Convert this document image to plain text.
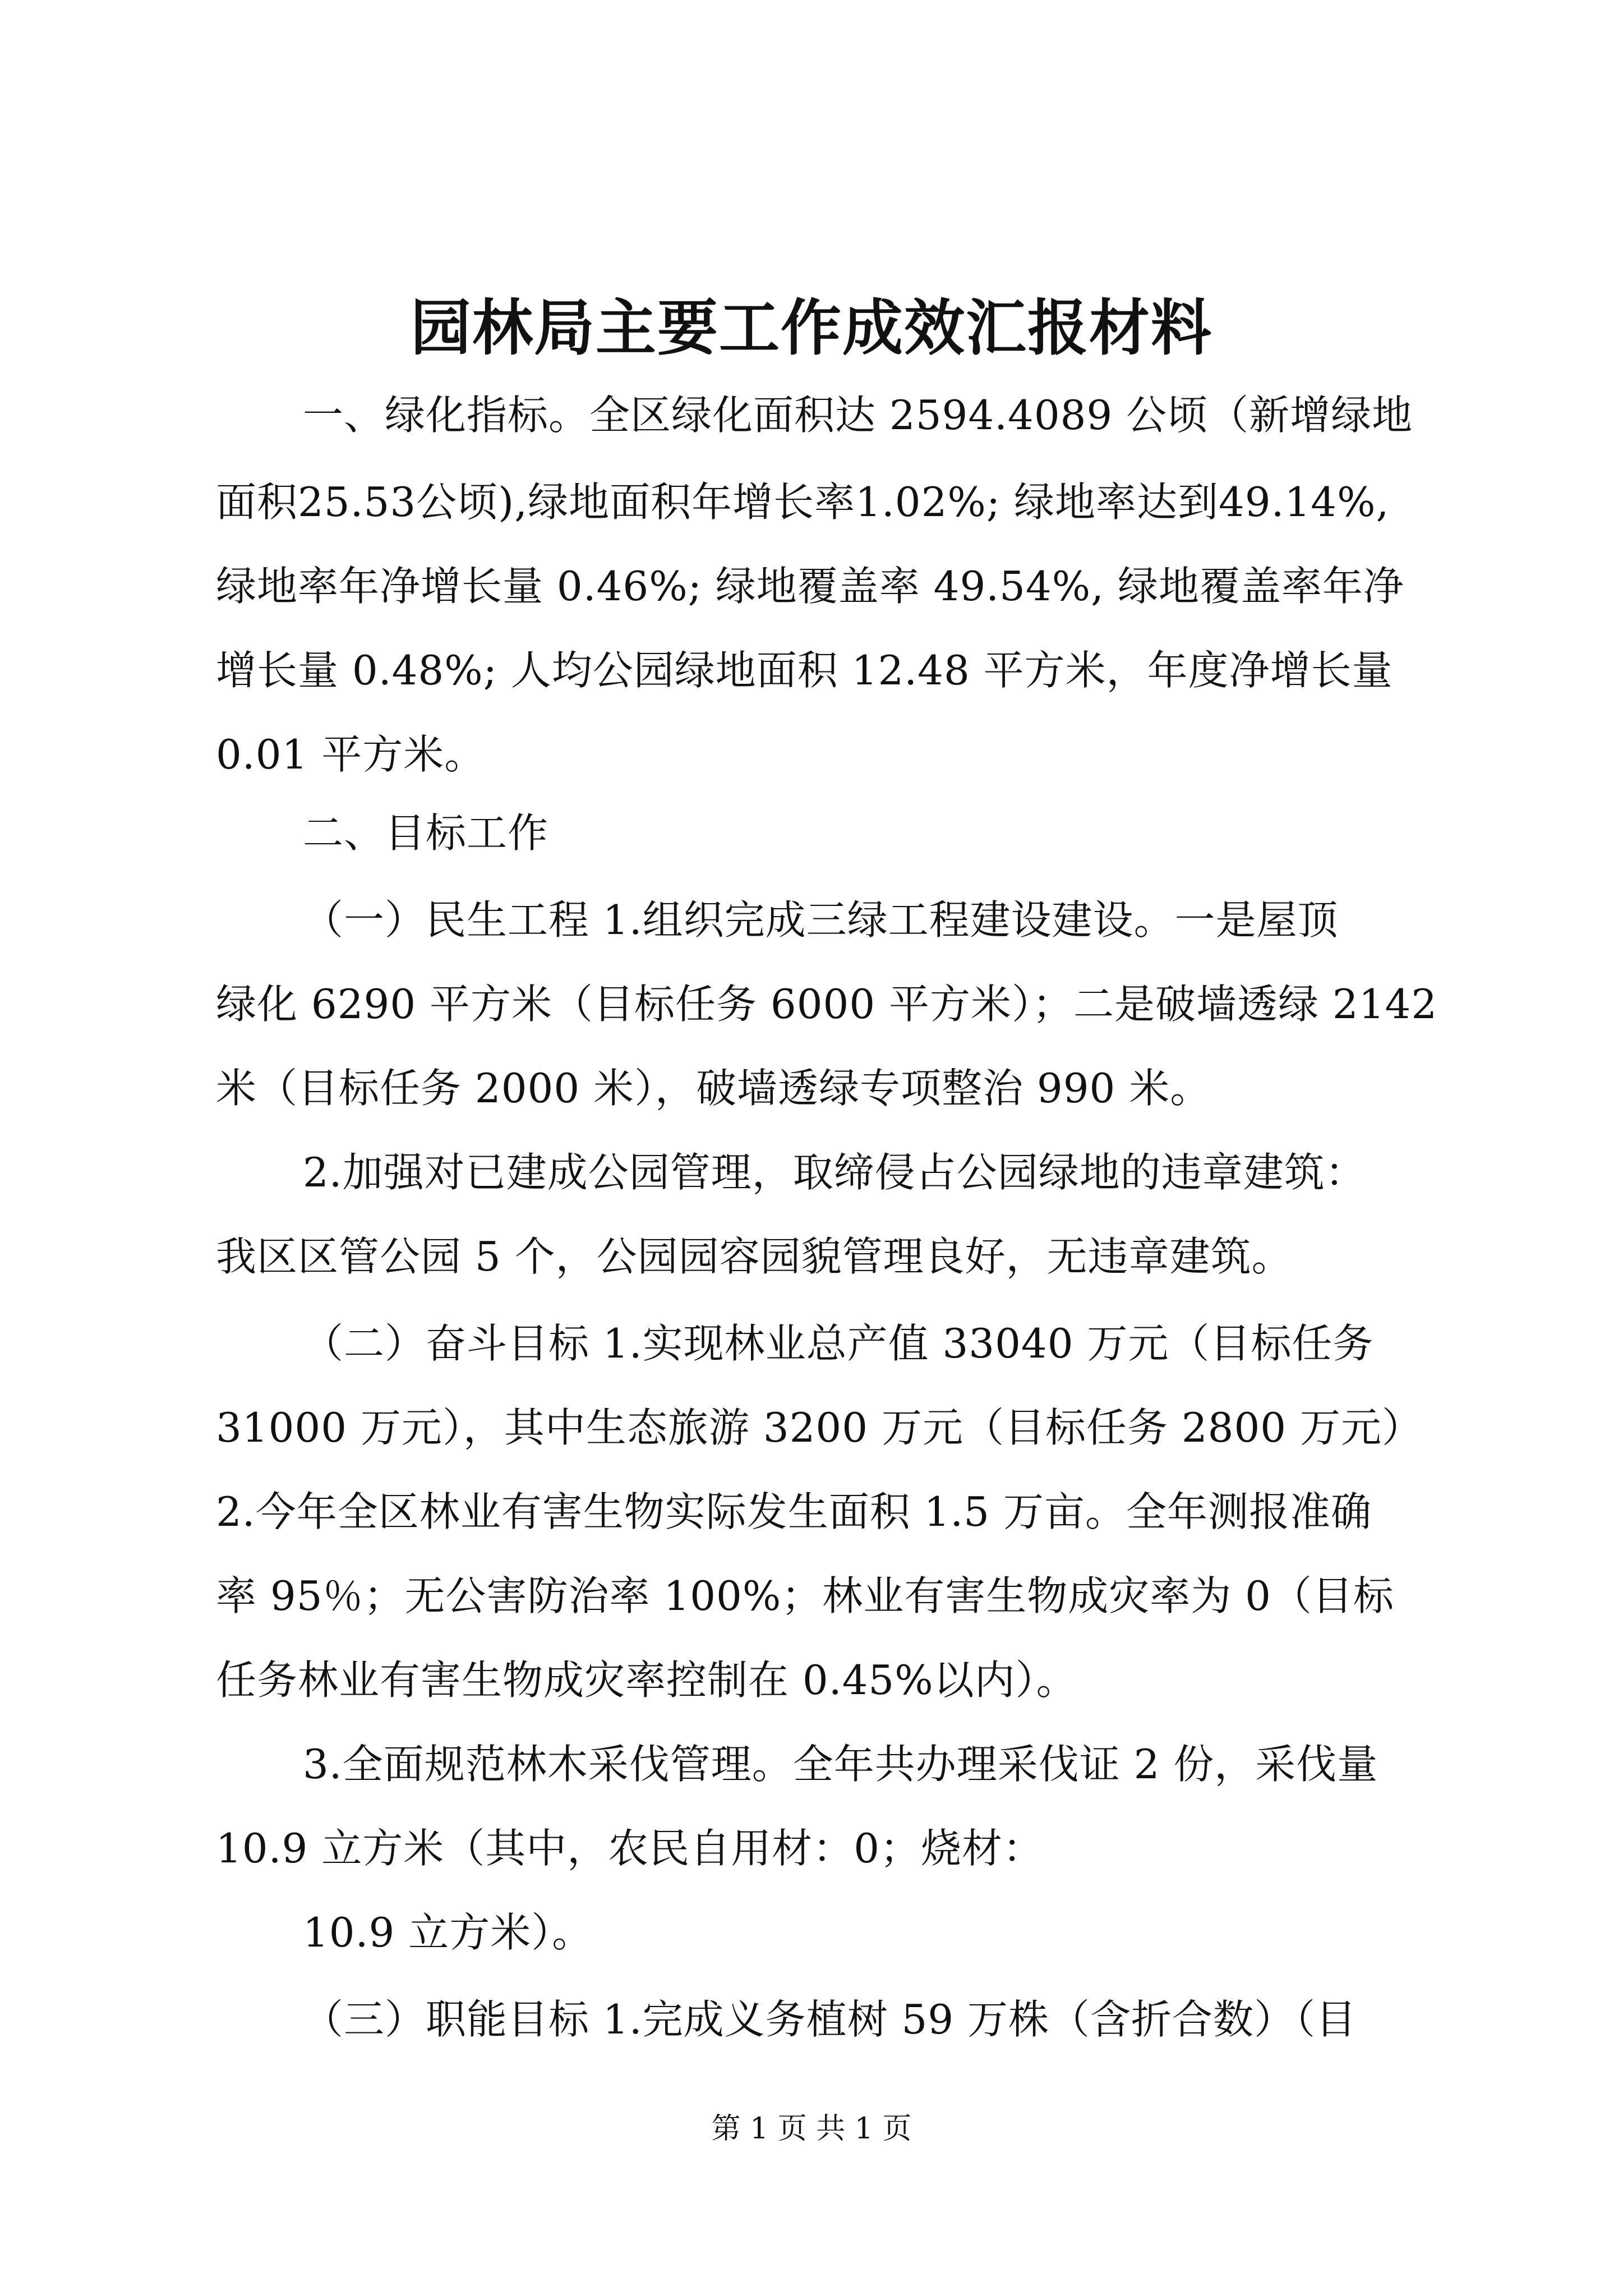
园林局主要工作成效汇报材料
一、绿化指标。全区绿化面积达 2594.4089 公顷（新增绿地
面积25.53公顷),绿地面积年增长率1.02%; 绿地率达到49.14%,
绿地率年净增长量 0.46%; 绿地覆盖率 49.54%, 绿地覆盖率年净
增长量 0.48%; 人均公园绿地面积 12.48 平方米，年度净增长量
0.01 平方米。
二、目标工作
（一）民生工程 1.组织完成三绿工程建设建设。一是屋顶
绿化 6290 平方米（目标任务 6000 平方米）；二是破墙透绿 2142
米（目标任务 2000 米），破墙透绿专项整治 990 米。
2.加强对已建成公园管理，取缔侵占公园绿地的违章建筑：
我区区管公园 5 个，公园园容园貌管理良好，无违章建筑。
（二）奋斗目标 1.实现林业总产值 33040 万元（目标任务
31000 万元），其中生态旅游 3200 万元（目标任务 2800 万元）
2.今年全区林业有害生物实际发生面积 1.5 万亩。全年测报准确
率 95％；无公害防治率 100%；林业有害生物成灾率为 0（目标
任务林业有害生物成灾率控制在 0.45%以内）。
3.全面规范林木采伐管理。全年共办理采伐证 2 份，采伐量
10.9 立方米（其中，农民自用材：0；烧材：
10.9 立方米）。
（三）职能目标 1.完成义务植树 59 万株（含折合数）（目
第 1 页 共 1 页
